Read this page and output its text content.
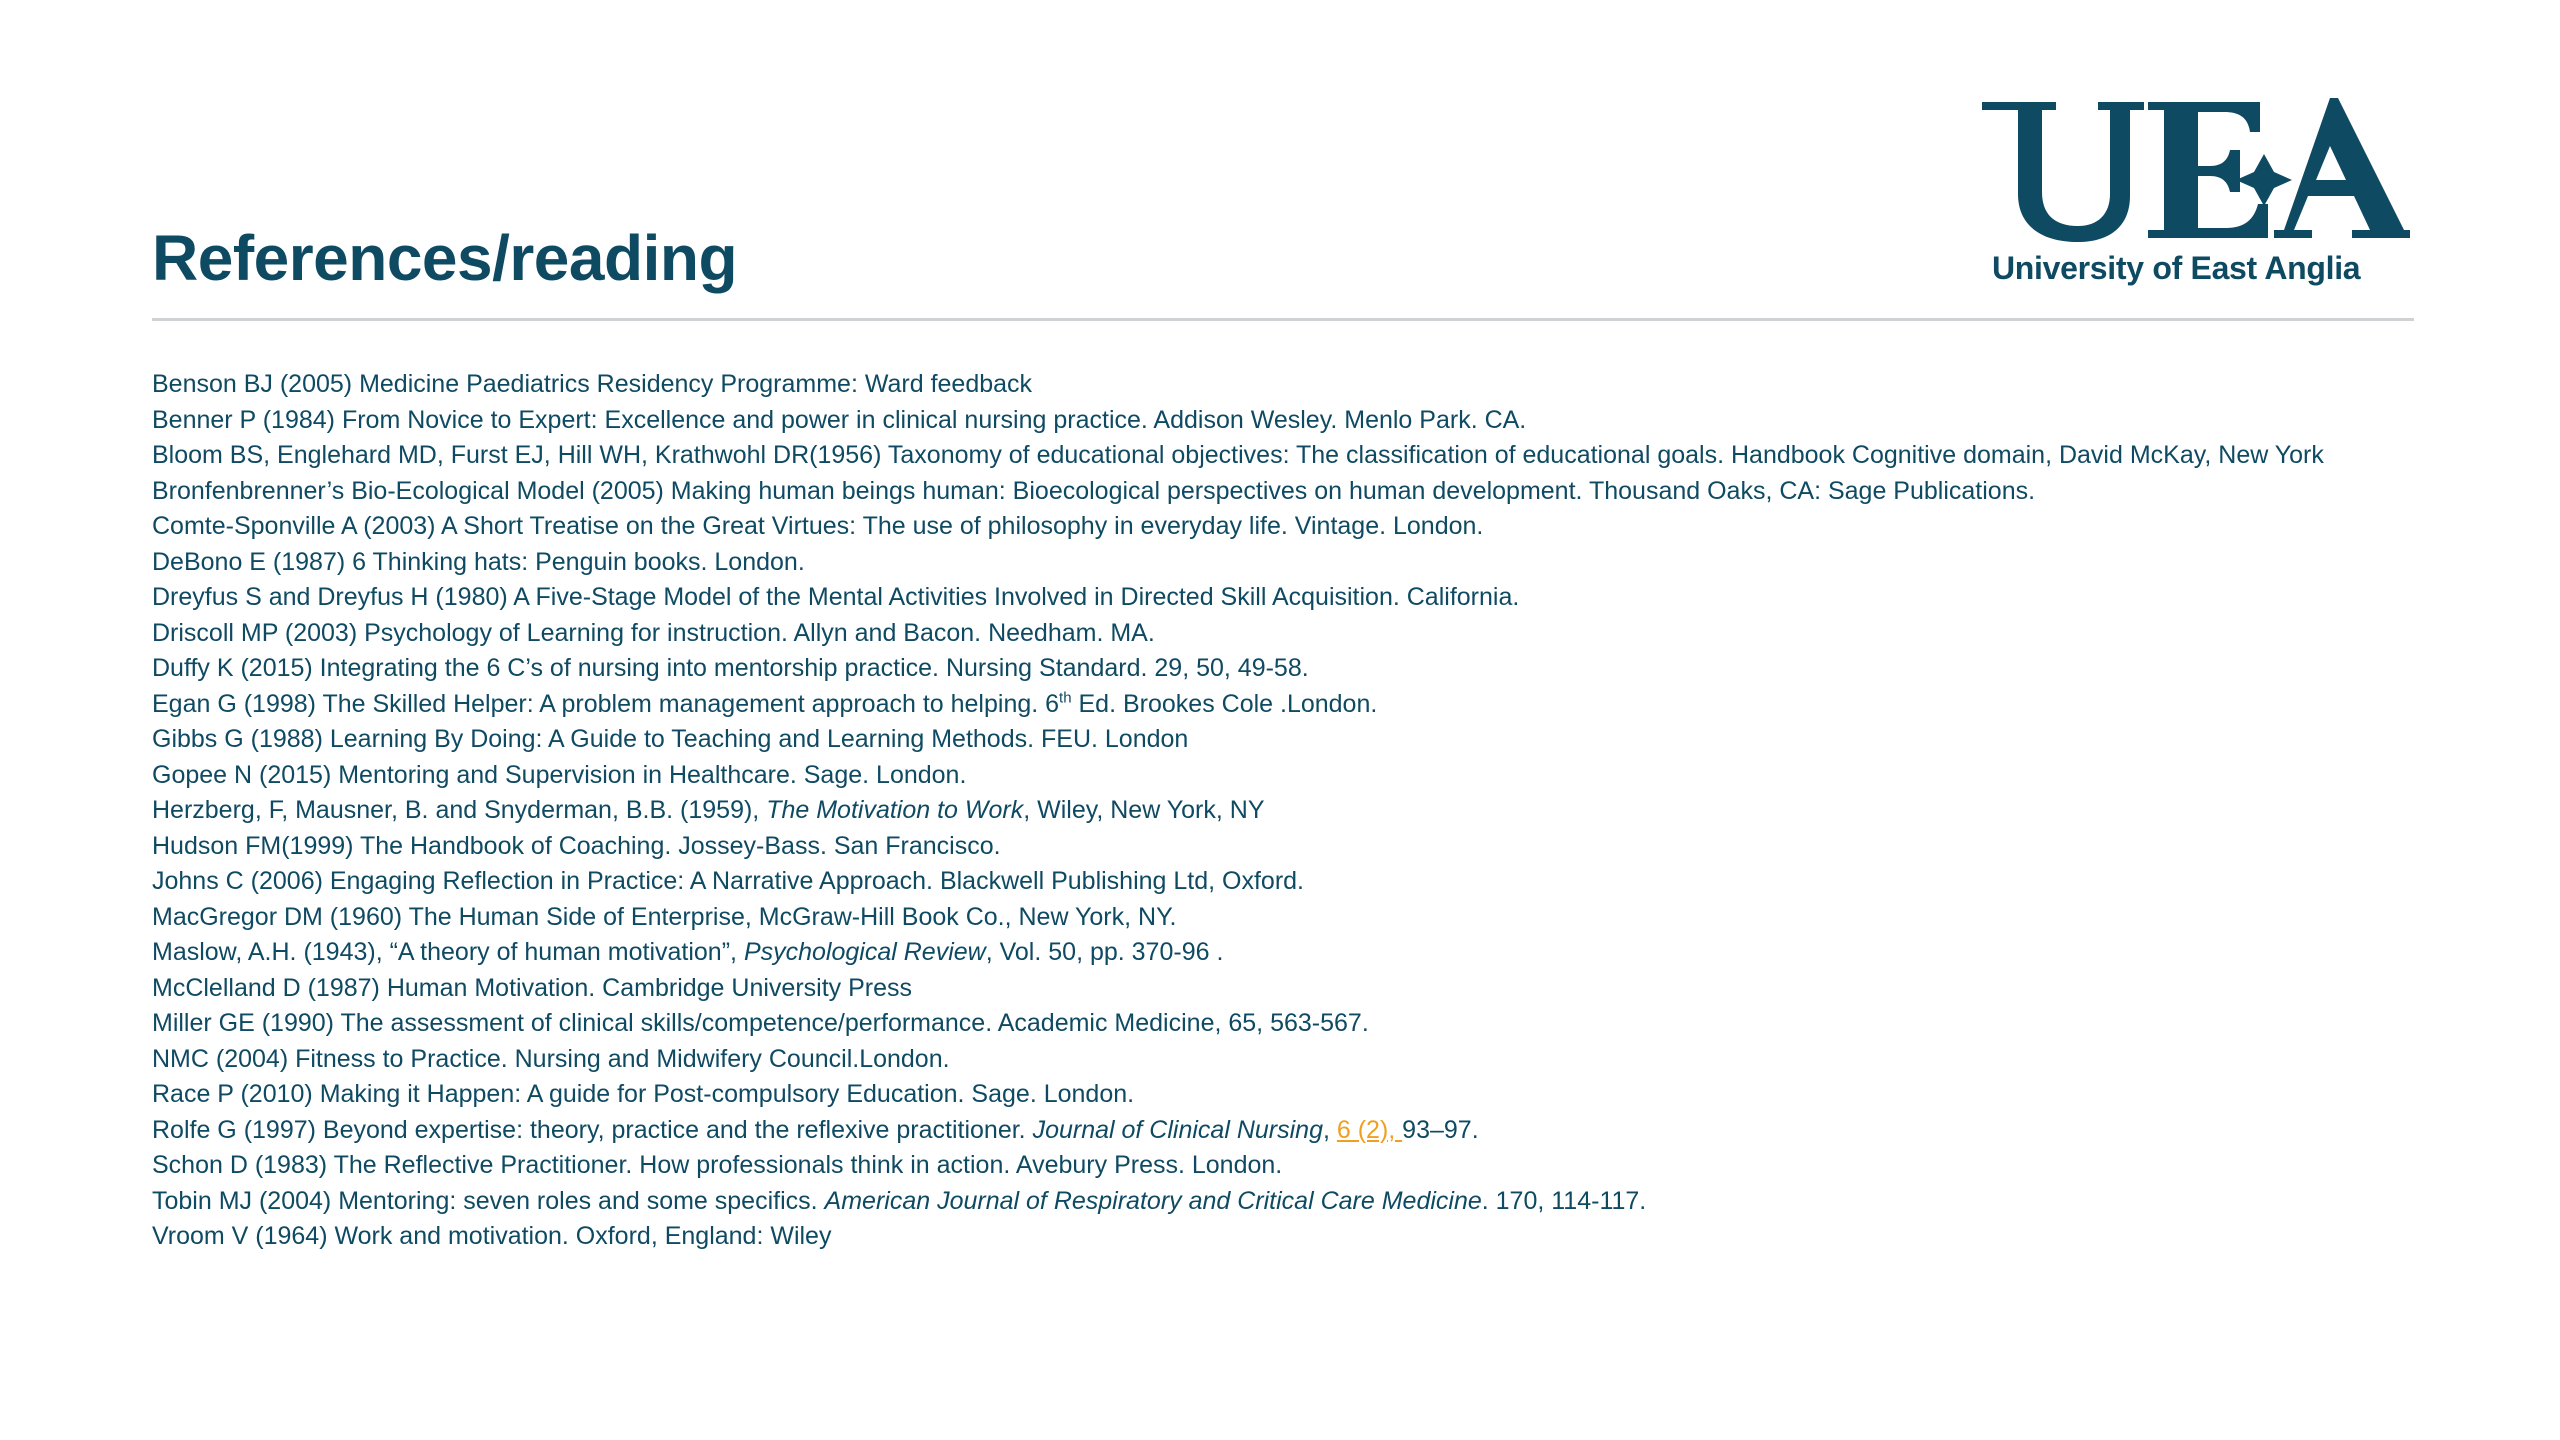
References/reading	University of East Anglia
Benson BJ (2005) Medicine Paediatrics Residency Programme: Ward feedback
Benner P (1984) From Novice to Expert: Excellence and power in clinical nursing practice. Addison Wesley. Menlo Park. CA.
Bloom BS, Englehard MD, Furst EJ, Hill WH, Krathwohl DR(1956) Taxonomy of educational objectives: The classification of educational goals. Handbook Cognitive domain, David McKay, New York
Bronfenbrenner’s Bio-Ecological Model (2005) Making human beings human: Bioecological perspectives on human development. Thousand Oaks, CA: Sage Publications.
Comte-Sponville A (2003) A Short Treatise on the Great Virtues: The use of philosophy in everyday life. Vintage. London.
DeBono E (1987) 6 Thinking hats: Penguin books. London.
Dreyfus S and Dreyfus H (1980) A Five-Stage Model of the Mental Activities Involved in Directed Skill Acquisition. California.
Driscoll MP (2003) Psychology of Learning for instruction. Allyn and Bacon. Needham. MA.
Duffy K (2015) Integrating the 6 C’s of nursing into mentorship practice. Nursing Standard. 29, 50, 49-58.
Egan G (1998) The Skilled Helper: A problem management approach to helping. 6th Ed. Brookes Cole .London.
Gibbs G (1988) Learning By Doing: A Guide to Teaching and Learning Methods. FEU. London
Gopee N (2015) Mentoring and Supervision in Healthcare. Sage. London.
Herzberg, F, Mausner, B. and Snyderman, B.B. (1959), The Motivation to Work, Wiley, New York, NY
Hudson FM(1999) The Handbook of Coaching. Jossey-Bass. San Francisco.
Johns C (2006) Engaging Reflection in Practice: A Narrative Approach. Blackwell Publishing Ltd, Oxford.
MacGregor DM (1960) The Human Side of Enterprise, McGraw-Hill Book Co., New York, NY.
Maslow, A.H. (1943), “A theory of human motivation”, Psychological Review, Vol. 50, pp. 370-96 .
McClelland D (1987) Human Motivation. Cambridge University Press
Miller GE (1990) The assessment of clinical skills/competence/performance. Academic Medicine, 65, 563-567.
NMC (2004) Fitness to Practice. Nursing and Midwifery Council.London.
Race P (2010) Making it Happen: A guide for Post-compulsory Education. Sage. London.
Rolfe G (1997) Beyond expertise: theory, practice and the reflexive practitioner. Journal of Clinical Nursing, 6 (2), 93–97.
Schon D (1983) The Reflective Practitioner. How professionals think in action. Avebury Press. London.
Tobin MJ (2004) Mentoring: seven roles and some specifics. American Journal of Respiratory and Critical Care Medicine. 170, 114-117.
Vroom V (1964) Work and motivation. Oxford, England: Wiley
